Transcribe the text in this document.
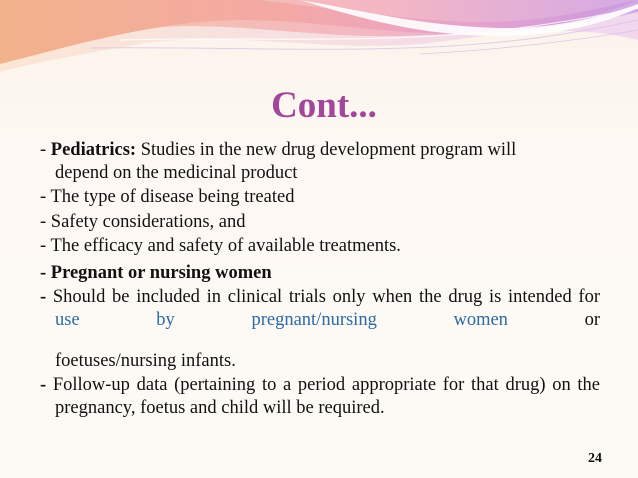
Cont...

- Pediatrics: Studies in the new drug development program will

depend on the medicinal product

- The type of disease being treated

- Safety considerations, and

- The efficacy and safety of available treatments.

- Pregnant or nursing women

- Should be included in clinical trials only when the drug is intended for use by pregnant/nursing women or

foetuses/nursing infants.

- Follow-up data (pertaining to a period appropriate for that drug) on the pregnancy, foetus and child will be required.

24
